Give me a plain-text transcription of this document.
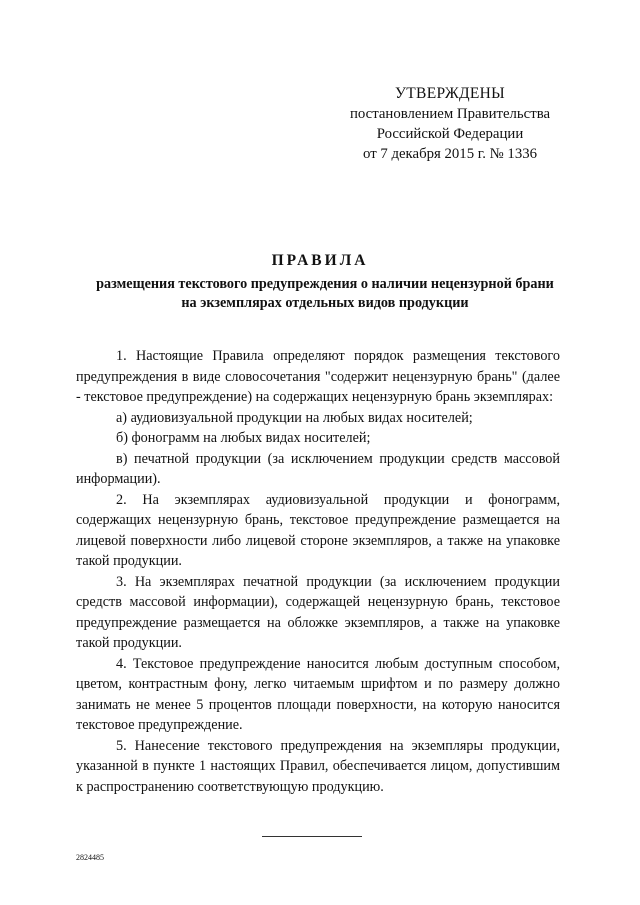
УТВЕРЖДЕНЫ
постановлением Правительства
Российской Федерации
от 7 декабря 2015 г. № 1336
ПРАВИЛА
размещения текстового предупреждения о наличии нецензурной брани
на экземплярах отдельных видов продукции

1. Настоящие Правила определяют порядок размещения текстового предупреждения в виде словосочетания "содержит нецензурную брань" (далее - текстовое предупреждение) на содержащих нецензурную брань экземплярах:

а) аудиовизуальной продукции на любых видах носителей;

б) фонограмм на любых видах носителей;

в) печатной продукции (за исключением продукции средств массовой информации).

2. На экземплярах аудиовизуальной продукции и фонограмм, содержащих нецензурную брань, текстовое предупреждение размещается на лицевой поверхности либо лицевой стороне экземпляров, а также на упаковке такой продукции.

3. На экземплярах печатной продукции (за исключением продукции средств массовой информации), содержащей нецензурную брань, текстовое предупреждение размещается на обложке экземпляров, а также на упаковке такой продукции.

4. Текстовое предупреждение наносится любым доступным способом, цветом, контрастным фону, легко читаемым шрифтом и по размеру должно занимать не менее 5 процентов площади поверхности, на которую наносится текстовое предупреждение.

5. Нанесение текстового предупреждения на экземпляры продукции, указанной в пункте 1 настоящих Правил, обеспечивается лицом, допустившим к распространению соответствующую продукцию.

2824485
